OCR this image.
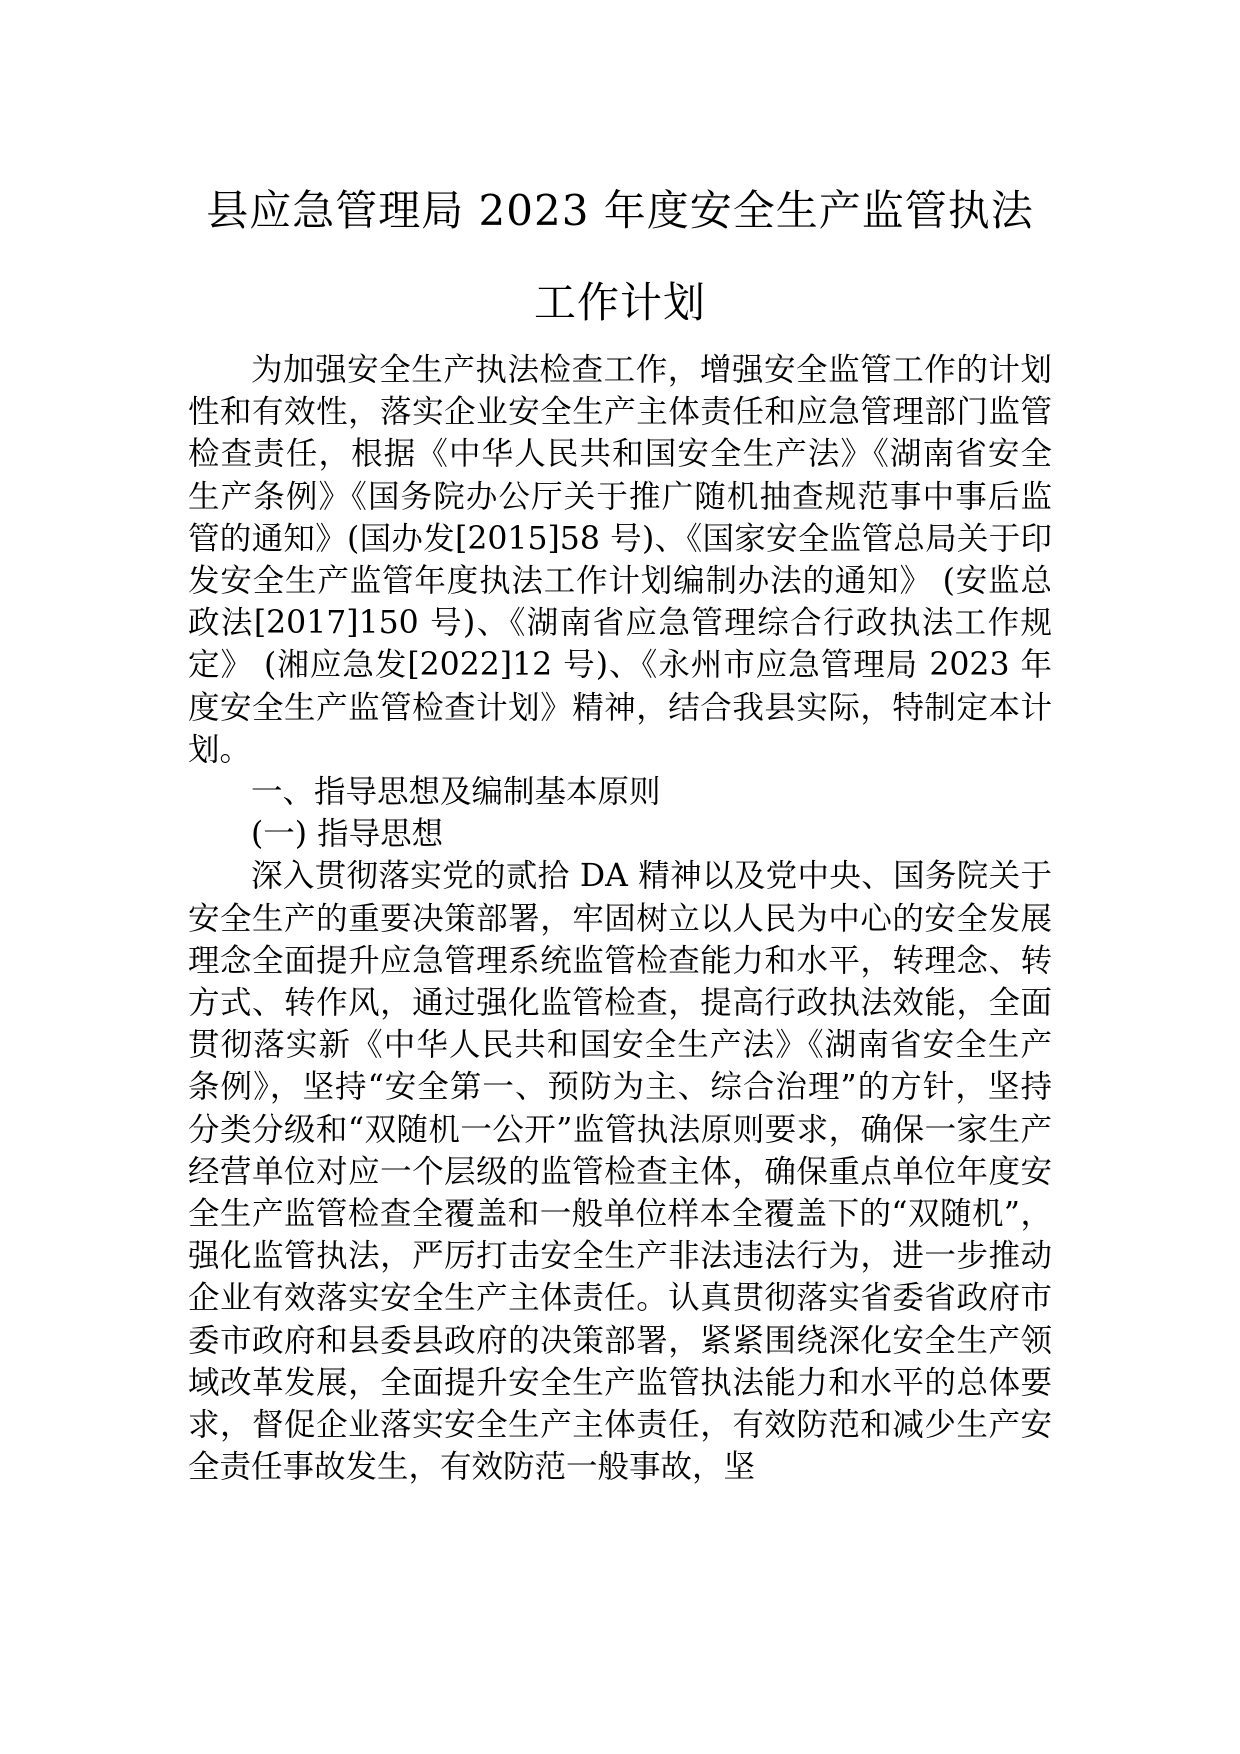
县应急管理局 2023 年度安全生产监管执法
工作计划

为加强安全生产执法检查工作，增强安全监管工作的计划性和有效性，落实企业安全生产主体责任和应急管理部门监管检查责任，根据《中华人民共和国安全生产法》《湖南省安全生产条例》《国务院办公厅关于推广随机抽查规范事中事后监管的通知》(国办发[2015]58 号)、《国家安全监管总局关于印发安全生产监管年度执法工作计划编制办法的通知》 (安监总政法[2017]150 号)、《湖南省应急管理综合行政执法工作规定》 (湘应急发[2022]12 号)、《永州市应急管理局 2023 年度安全生产监管检查计划》精神，结合我县实际，特制定本计划。

一、指导思想及编制基本原则

(一) 指导思想

深入贯彻落实党的贰拾 DA 精神以及党中央、国务院关于安全生产的重要决策部署，牢固树立以人民为中心的安全发展理念全面提升应急管理系统监管检查能力和水平，转理念、转方式、转作风，通过强化监管检查，提高行政执法效能，全面贯彻落实新《中华人民共和国安全生产法》《湖南省安全生产条例》，坚持“安全第一、预防为主、综合治理”的方针，坚持分类分级和“双随机一公开”监管执法原则要求，确保一家生产经营单位对应一个层级的监管检查主体，确保重点单位年度安全生产监管检查全覆盖和一般单位样本全覆盖下的“双随机”，强化监管执法，严厉打击安全生产非法违法行为，进一步推动企业有效落实安全生产主体责任。认真贯彻落实省委省政府市委市政府和县委县政府的决策部署，紧紧围绕深化安全生产领域改革发展，全面提升安全生产监管执法能力和水平的总体要求，督促企业落实安全生产主体责任，有效防范和减少生产安全责任事故发生，有效防范一般事故，坚
